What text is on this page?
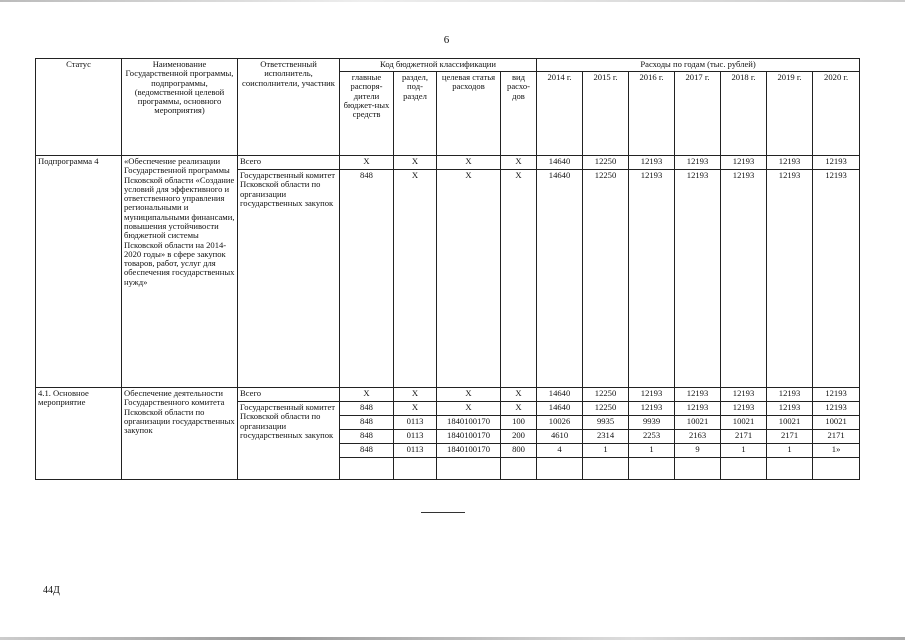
6
Статус	Наименование Государственной программы, подпрограммы, (ведомственной целевой программы, основного мероприятия)	Ответственный исполнитель, соисполнители, участник	Код бюджетной классификации				Расходы по годам (тыс. рублей)						
			главные распоря-дители бюджет-ных средств	раздел, под-раздел	целевая статья расходов	вид расхо-дов	2014 г.	2015 г.	2016 г.	2017 г.	2018 г.	2019 г.	2020 г.
Подпрограмма 4	«Обеспечение реализации Государственной программы Псковской области «Создание условий для эффективного и ответственного управления региональными и муниципальными финансами, повышения устойчивости бюджетной системы Псковской области на 2014-2020 годы» в сфере закупок товаров, работ, услуг для обеспечения государственных нужд»	Всего	X	X	X	X	14640	12250	12193	12193	12193	12193	12193
		Государственный комитет Псковской области по организации государственных закупок	848	X	X	X	14640	12250	12193	12193	12193	12193	12193
4.1. Основное мероприятие	Обеспечение деятельности Государственного комитета Псковской области по организации государственных закупок	Всего	X	X	X	X	14640	12250	12193	12193	12193	12193	12193
		Государственный комитет Псковской области по организации государственных закупок	848	X	X	X	14640	12250	12193	12193	12193	12193	12193
			848	0113	1840100170	100	10026	9935	9939	10021	10021	10021	10021
			848	0113	1840100170	200	4610	2314	2253	2163	2171	2171	2171
			848	0113	1840100170	800	4	1	1	9	1	1	1»

44Д
